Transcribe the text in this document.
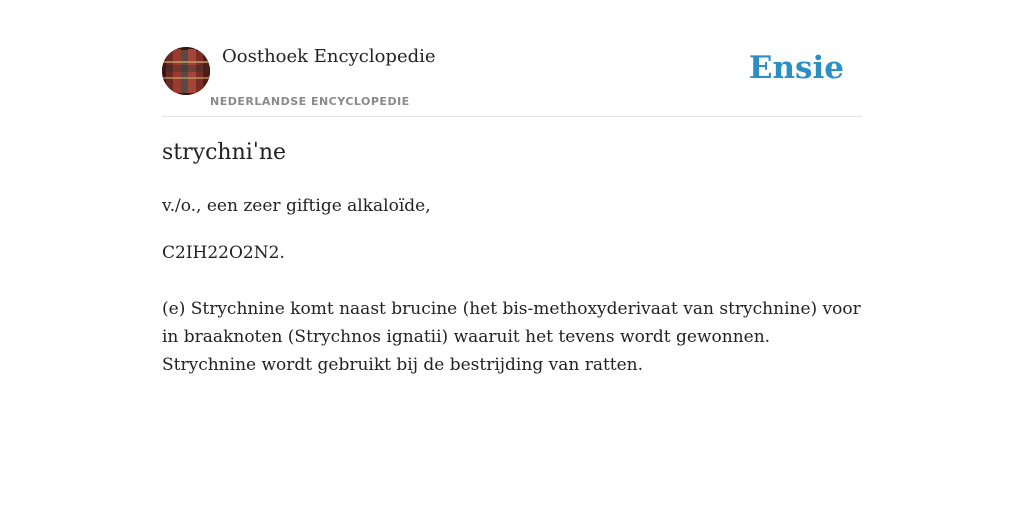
Oosthoek Encyclopedie
NEDERLANDSE ENCYCLOPEDIE
Ensie
strychniˈne

v./o., een zeer giftige alkaloïde,

C2IH22O2N2.

(e) Strychnine komt naast brucine (het bis-methoxyderivaat van strychnine) voor in braaknoten (Strychnos ignatii) waaruit het tevens wordt gewonnen. Strychnine wordt gebruikt bij de bestrijding van ratten.
